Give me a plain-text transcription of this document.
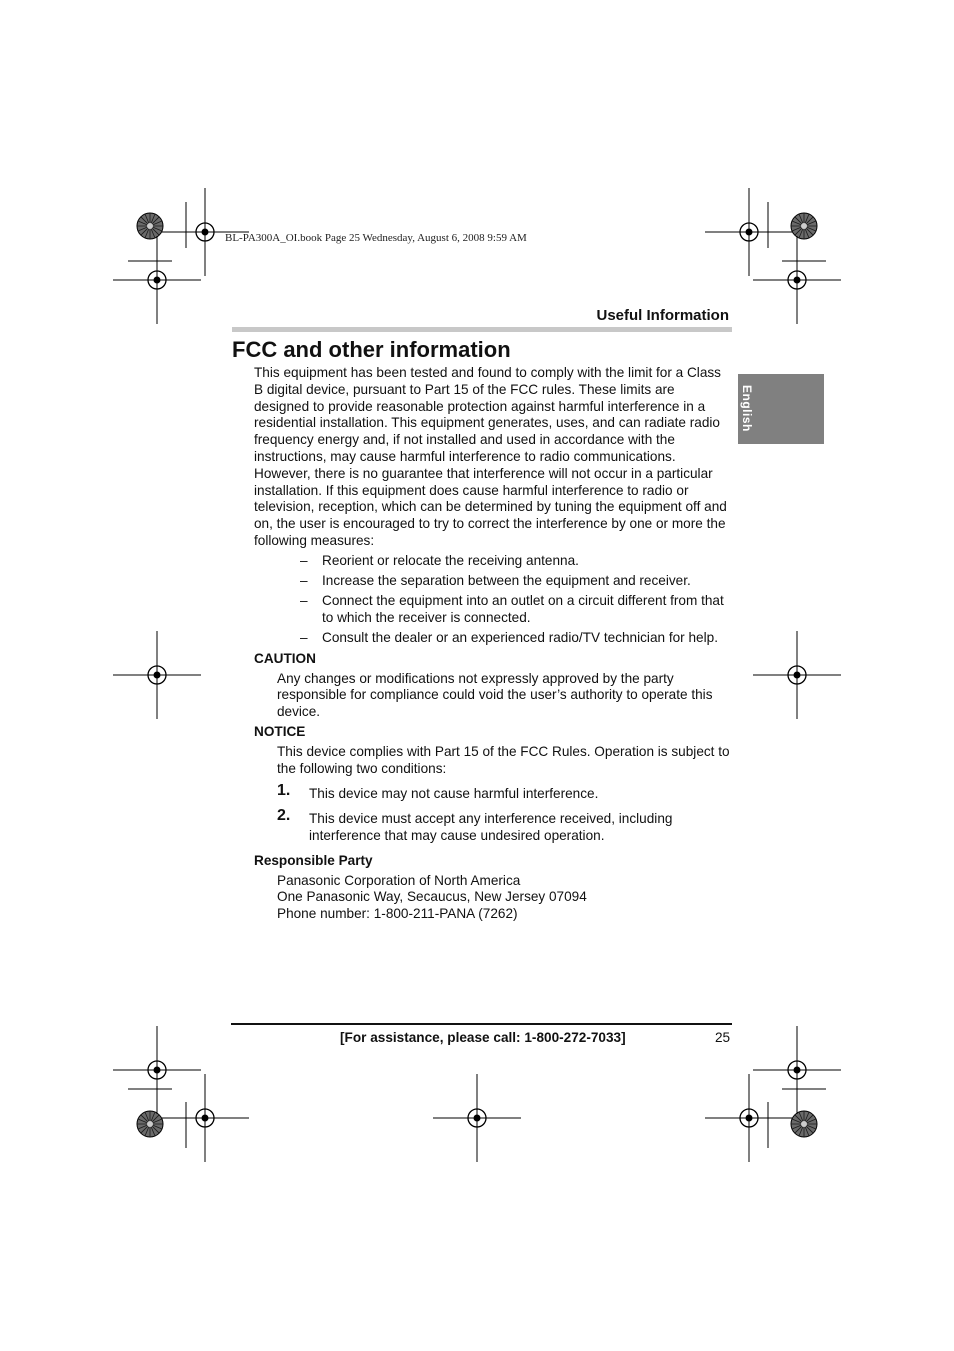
BL-PA300A_OI.book Page 25 Wednesday, August 6, 2008 9:59 AM
Useful Information
English
FCC and other information

This equipment has been tested and found to comply with the limit for a Class B digital device, pursuant to Part 15 of the FCC rules. These limits are designed to provide reasonable protection against harmful interference in a residential installation. This equipment generates, uses, and can radiate radio frequency energy and, if not installed and used in accordance with the instructions, may cause harmful interference to radio communications. However, there is no guarantee that interference will not occur in a particular installation. If this equipment does cause harmful interference to radio or television, reception, which can be determined by tuning the equipment off and on, the user is encouraged to try to correct the interference by one or more the following measures:

– Reorient or relocate the receiving antenna.
– Increase the separation between the equipment and receiver.
– Connect the equipment into an outlet on a circuit different from that to which the receiver is connected.
– Consult the dealer or an experienced radio/TV technician for help.
CAUTION
Any changes or modifications not expressly approved by the party responsible for compliance could void the user’s authority to operate this device.
NOTICE
This device complies with Part 15 of the FCC Rules. Operation is subject to the following two conditions:
1. This device may not cause harmful interference.
2. This device must accept any interference received, including interference that may cause undesired operation.
Responsible Party
Panasonic Corporation of North America
One Panasonic Way, Secaucus, New Jersey 07094
Phone number: 1-800-211-PANA (7262)
[For assistance, please call: 1-800-272-7033]	25
